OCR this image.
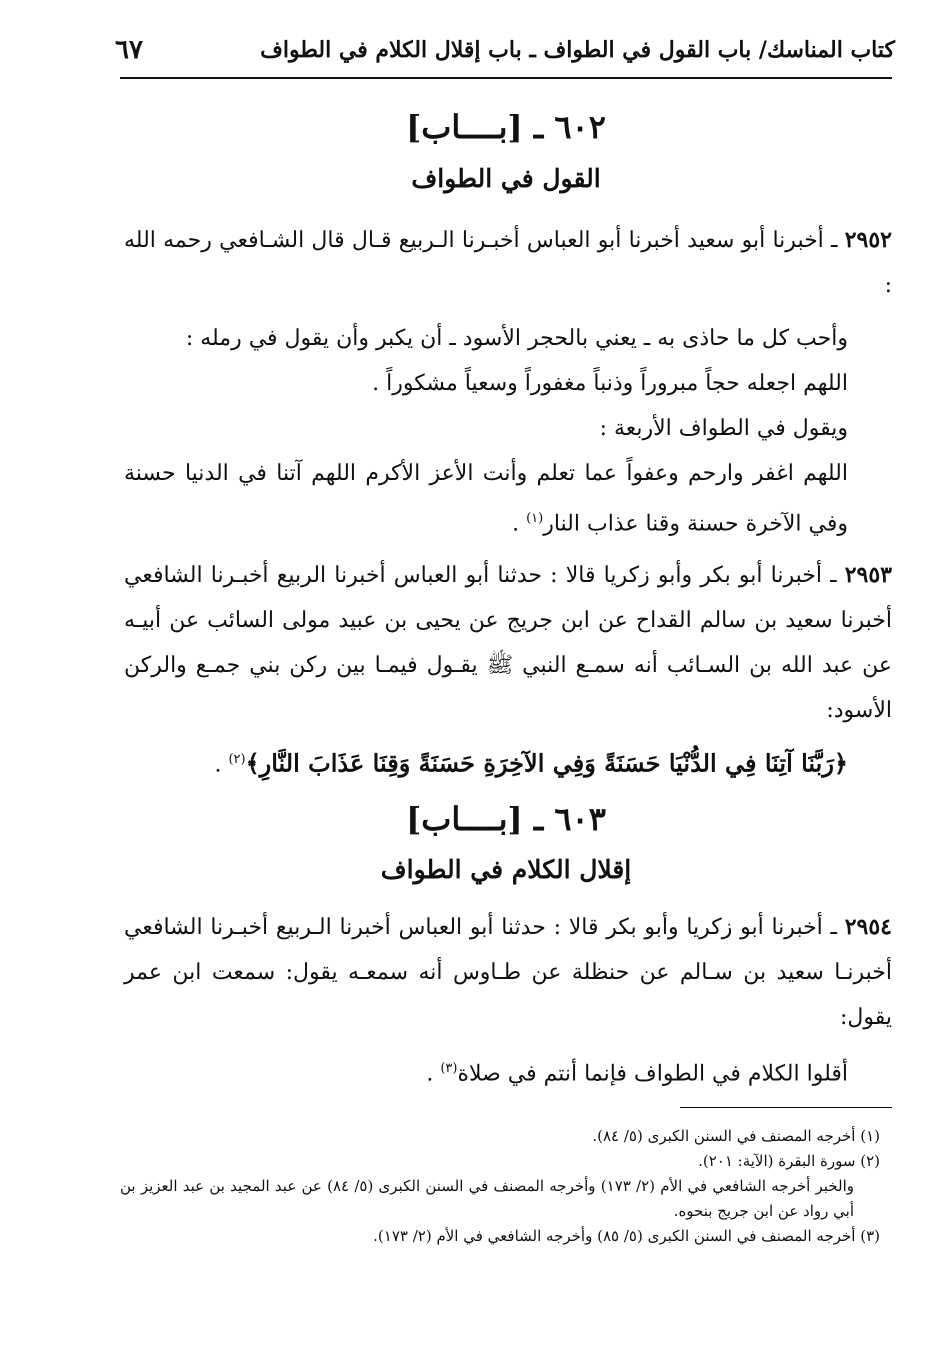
كتاب المناسك/ باب القول في الطواف ـ باب إقلال الكلام في الطواف
٦٧
٦٠٢ ـ [بــــاب]
القول في الطواف
٢٩٥٢ ـ أخبرنا أبو سعيد أخبرنا أبو العباس أخبـرنا الـربيع قـال قال الشـافعي رحمه الله :
وأحب كل ما حاذى به ـ يعني بالحجر الأسود ـ أن يكبر وأن يقول في رمله :
اللهم اجعله حجاً مبروراً وذنباً مغفوراً وسعياً مشكوراً .
ويقول في الطواف الأربعة :
اللهم اغفر وارحم وعفواً عما تعلم وأنت الأعز الأكرم اللهم آتنا في الدنيا حسنة وفي الآخرة حسنة وقنا عذاب النار$^{(١)}$ .
٢٩٥٣ ـ أخبرنا أبو بكر وأبو زكريا قالا : حدثنا أبو العباس أخبرنا الربيع أخبـرنا الشافعي أخبرنا سعيد بن سالم القداح عن ابن جريج عن يحيى بن عبيد مولى السائب عن أبيـه عن عبد الله بن السـائب أنه سمـع النبي ﷺ يقـول فيمـا بين ركن بني جمـع والركن الأسود:
﴿رَبَّنَا آتِنَا فِي الدُّنْيَا حَسَنَةً وَفِي الآخِرَةِ حَسَنَةً وَقِنَا عَذَابَ النَّارِ﴾$^{(٢)}$ .
٦٠٣ ـ [بــــاب]
إقلال الكلام في الطواف
٢٩٥٤ ـ أخبرنا أبو زكريا وأبو بكر قالا : حدثنا أبو العباس أخبرنا الـربيع أخبـرنا الشافعي أخبرنـا سعيد بن سـالم عن حنظلة عن طـاوس أنه سمعـه يقول: سمعت ابن عمر يقول:
أقلوا الكلام في الطواف فإنما أنتم في صلاة$^{(٣)}$ .
(١) أخرجه المصنف في السنن الكبرى (٥/ ٨٤).
(٢) سورة البقرة (الآية: ٢٠١).
والخبر أخرجه الشافعي في الأم (٢/ ١٧٣) وأخرجه المصنف في السنن الكبرى (٥/ ٨٤) عن عبد المجيد بن عبد العزيز بن أبي رواد عن ابن جريج بنحوه.
(٣) أخرجه المصنف في السنن الكبرى (٥/ ٨٥) وأخرجه الشافعي في الأم (٢/ ١٧٣).
